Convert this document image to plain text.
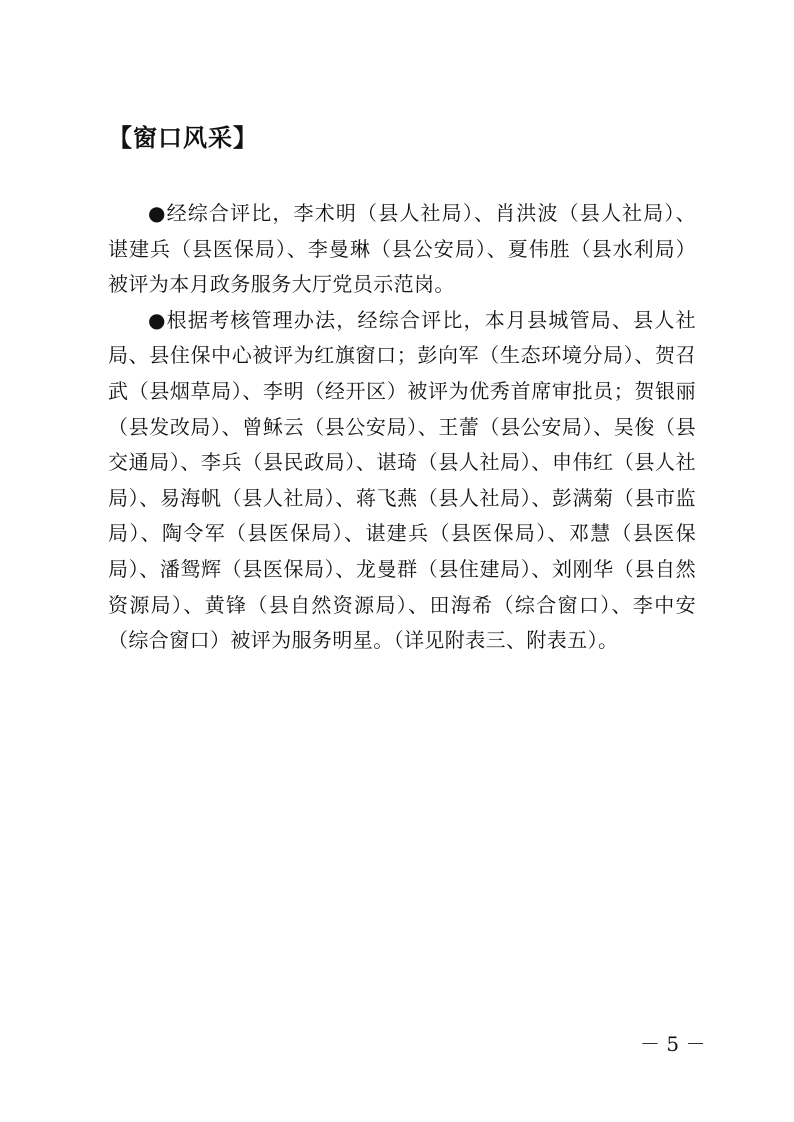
【窗口风采】

●经综合评比，李术明（县人社局）、肖洪波（县人社局）、谌建兵（县医保局）、李曼琳（县公安局）、夏伟胜（县水利局）被评为本月政务服务大厅党员示范岗。

●根据考核管理办法，经综合评比，本月县城管局、县人社局、县住保中心被评为红旗窗口；彭向军（生态环境分局）、贺召武（县烟草局）、李明（经开区）被评为优秀首席审批员；贺银丽（县发改局）、曾稣云（县公安局）、王蕾（县公安局）、吴俊（县交通局）、李兵（县民政局）、谌琦（县人社局）、申伟红（县人社局）、易海帆（县人社局）、蒋飞燕（县人社局）、彭满菊（县市监局）、陶令军（县医保局）、谌建兵（县医保局）、邓慧（县医保局）、潘鸳辉（县医保局）、龙曼群（县住建局）、刘刚华（县自然资源局）、黄锋（县自然资源局）、田海希（综合窗口）、李中安（综合窗口）被评为服务明星。（详见附表三、附表五）。

－ 5 －
